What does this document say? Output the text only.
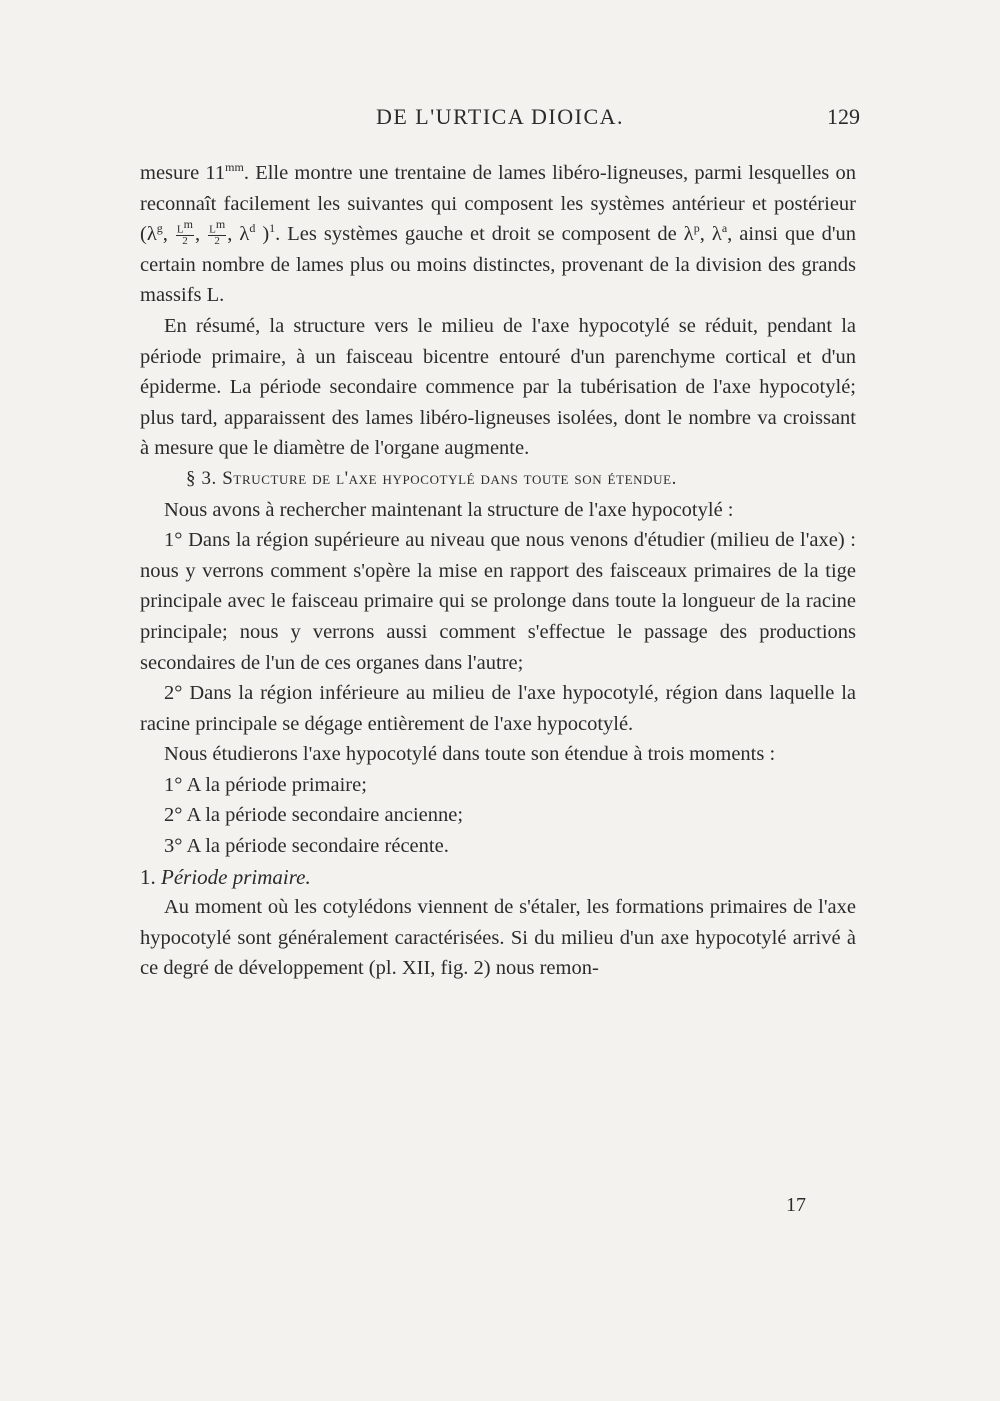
DE L'URTICA DIOICA.	129

mesure $11^{mm}$. Elle montre une trentaine de lames libéro-ligneuses, parmi lesquelles on reconnaît facilement les suivantes qui composent les systèmes antérieur et postérieur ($\lambda^g$, $\frac{L^m}{2}$ , $\frac{L^m}{2}$ , $\lambda^d$ )$^1$. Les systèmes gauche et droit se composent de $\lambda^p$, $\lambda^a$, ainsi que d'un certain nombre de lames plus ou moins distinctes, provenant de la division des grands massifs L.

En résumé, la structure vers le milieu de l'axe hypocotylé se réduit, pendant la période primaire, à un faisceau bicentre entouré d'un parenchyme cortical et d'un épiderme. La période secondaire commence par la tubérisation de l'axe hypocotylé; plus tard, apparaissent des lames libéro-ligneuses isolées, dont le nombre va croissant à mesure que le diamètre de l'organe augmente.

§ 3. Structure de l'axe hypocotylé dans toute son étendue.

Nous avons à rechercher maintenant la structure de l'axe hypocotylé :

1° Dans la région supérieure au niveau que nous venons d'étudier (milieu de l'axe) : nous y verrons comment s'opère la mise en rapport des faisceaux primaires de la tige principale avec le faisceau primaire qui se prolonge dans toute la longueur de la racine principale; nous y verrons aussi comment s'effectue le passage des productions secondaires de l'un de ces organes dans l'autre;

2° Dans la région inférieure au milieu de l'axe hypocotylé, région dans laquelle la racine principale se dégage entièrement de l'axe hypocotylé.

Nous étudierons l'axe hypocotylé dans toute son étendue à trois moments :

1° A la période primaire;

2° A la période secondaire ancienne;

3° A la période secondaire récente.

1. Période primaire.

Au moment où les cotylédons viennent de s'étaler, les formations primaires de l'axe hypocotylé sont généralement caractérisées. Si du milieu d'un axe hypocotylé arrivé à ce degré de développement (pl. XII, fig. 2) nous remon-

17
